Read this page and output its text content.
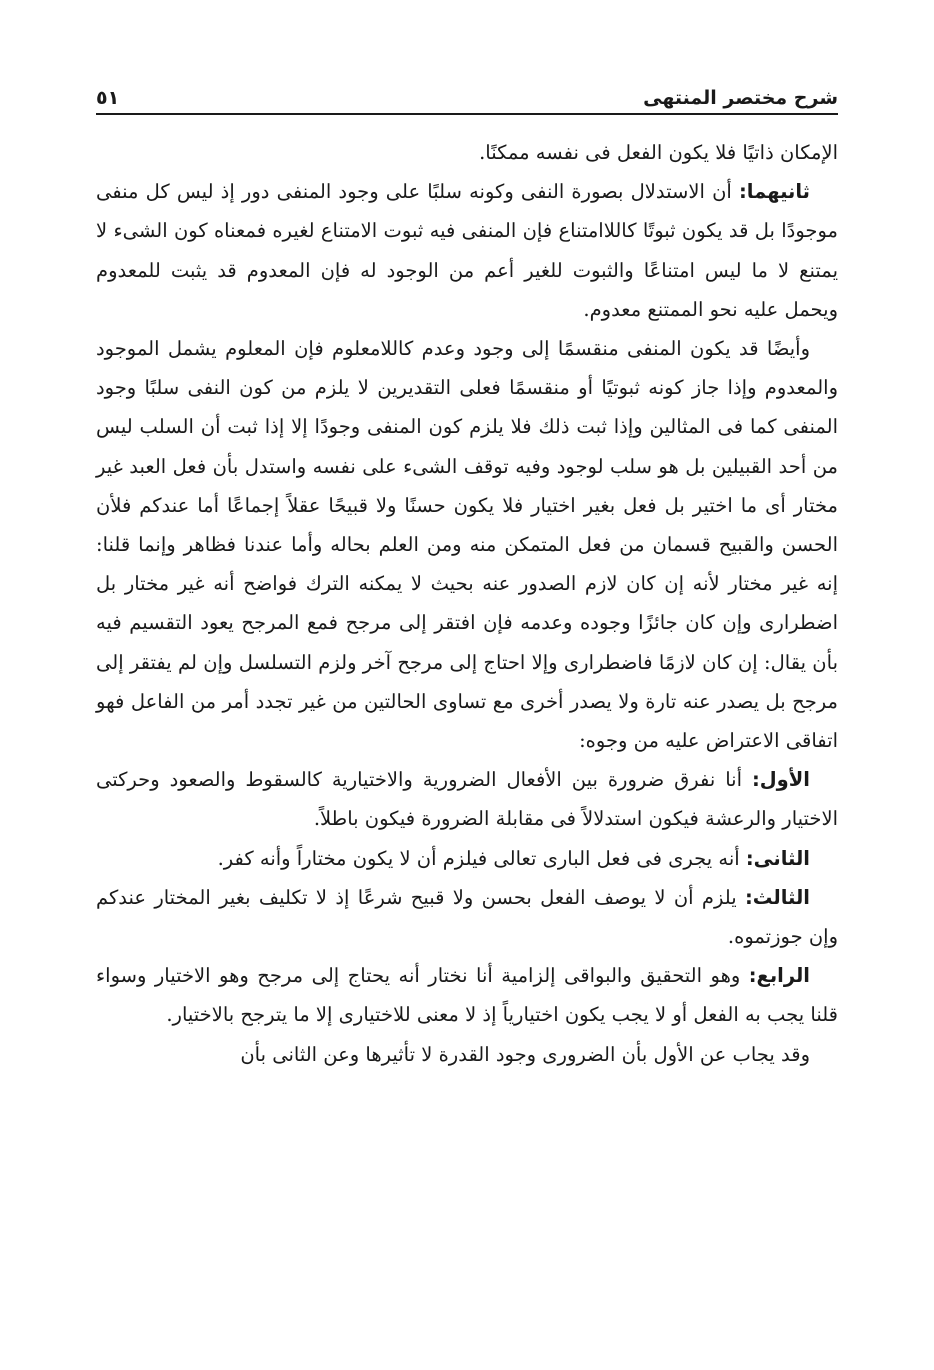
شرح مختصر المنتهى
٥١

الإمكان ذاتيًا فلا يكون الفعل فى نفسه ممكنًا.

ثانيهما: أن الاستدلال بصورة النفى وكونه سلبًا على وجود المنفى دور إذ ليس كل منفى موجودًا بل قد يكون ثبوتًا كاللاامتناع فإن المنفى فيه ثبوت الامتناع لغيره فمعناه كون الشىء لا يمتنع لا ما ليس امتناعًا والثبوت للغير أعم من الوجود له فإن المعدوم قد يثبت للمعدوم ويحمل عليه نحو الممتنع معدوم.

وأيضًا قد يكون المنفى منقسمًا إلى وجود وعدم كاللامعلوم فإن المعلوم يشمل الموجود والمعدوم وإذا جاز كونه ثبوتيًا أو منقسمًا فعلى التقديرين لا يلزم من كون النفى سلبًا وجود المنفى كما فى المثالين وإذا ثبت ذلك فلا يلزم كون المنفى وجودًا إلا إذا ثبت أن السلب ليس من أحد القبيلين بل هو سلب لوجود وفيه توقف الشىء على نفسه واستدل بأن فعل العبد غير مختار أى ما اختير بل فعل بغير اختيار فلا يكون حسنًا ولا قبيحًا عقلاً إجماعًا أما عندكم فلأن الحسن والقبيح قسمان من فعل المتمكن منه ومن العلم بحاله وأما عندنا فظاهر وإنما قلنا: إنه غير مختار لأنه إن كان لازم الصدور عنه بحيث لا يمكنه الترك فواضح أنه غير مختار بل اضطرارى وإن كان جائزًا وجوده وعدمه فإن افتقر إلى مرجح فمع المرجح يعود التقسيم فيه بأن يقال: إن كان لازمًا فاضطرارى وإلا احتاج إلى مرجح آخر ولزم التسلسل وإن لم يفتقر إلى مرجح بل يصدر عنه تارة ولا يصدر أخرى مع تساوى الحالتين من غير تجدد أمر من الفاعل فهو اتفاقى الاعتراض عليه من وجوه:

الأول: أنا نفرق ضرورة بين الأفعال الضرورية والاختيارية كالسقوط والصعود وحركتى الاختيار والرعشة فيكون استدلالاً فى مقابلة الضرورة فيكون باطلاً.

الثانى: أنه يجرى فى فعل البارى تعالى فيلزم أن لا يكون مختاراً وأنه كفر.

الثالث: يلزم أن لا يوصف الفعل بحسن ولا قبيح شرعًا إذ لا تكليف بغير المختار عندكم وإن جوزتموه.

الرابع: وهو التحقيق والبواقى إلزامية أنا نختار أنه يحتاج إلى مرجح وهو الاختيار وسواء قلنا يجب به الفعل أو لا يجب يكون اختيارياً إذ لا معنى للاختيارى إلا ما يترجح بالاختيار.

وقد يجاب عن الأول بأن الضرورى وجود القدرة لا تأثيرها وعن الثانى بأن
